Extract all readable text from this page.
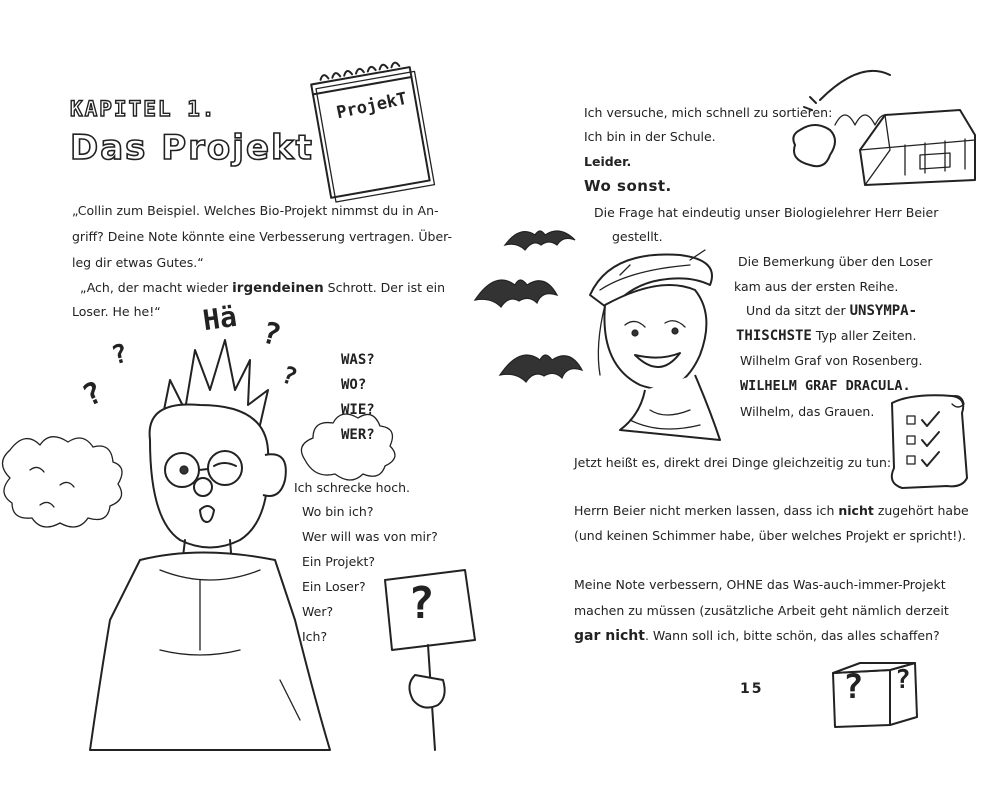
KAPITEL 1.
Das Projekt
ProjekT
„Collin zum Beispiel. Welches Bio-Projekt nimmst du in An-
griff? Deine Note könnte eine Verbesserung vertragen. Über-
leg dir etwas Gutes.“
„Ach, der macht wieder irgendeinen Schrott. Der ist ein
Loser. He he!“ Hä
?
?
?
?
WAS?
WO?
WIE?
WER?
Ich schrecke hoch.
Wo bin ich?
Wer will was von mir?
Ein Projekt?
Ein Loser?
Wer?
Ich?
?
Ich versuche, mich schnell zu sortieren:
Ich bin in der Schule.
Leider.
Wo sonst.
Die Frage hat eindeutig unser Biologielehrer Herr Beier
gestellt.
Die Bemerkung über den Loser
kam aus der ersten Reihe.
Und da sitzt der UNSYMPA-
THISCHSTE Typ aller Zeiten.
Wilhelm Graf von Rosenberg.
WILHELM GRAF DRACULA.
Wilhelm, das Grauen.
Jetzt heißt es, direkt drei Dinge gleichzeitig zu tun:
Herrn Beier nicht merken lassen, dass ich nicht zugehört habe
(und keinen Schimmer habe, über welches Projekt er spricht!).
Meine Note verbessern, OHNE das Was-auch-immer-Projekt
machen zu müssen (zusätzliche Arbeit geht nämlich derzeit
gar nicht. Wann soll ich, bitte schön, das alles schaffen?
15 ? ?
